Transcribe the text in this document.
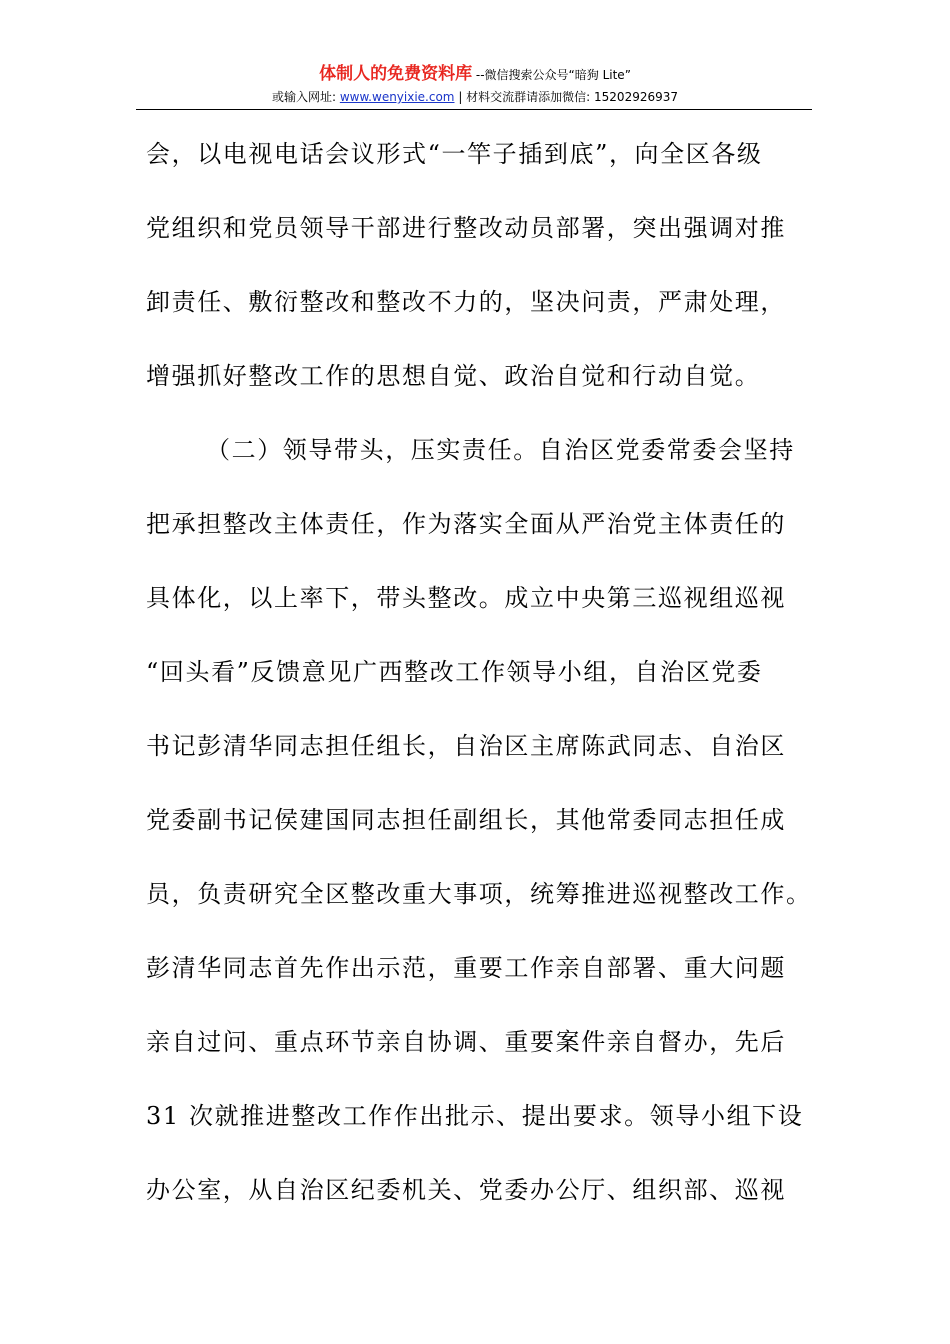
体制人的免费资料库 --微信搜索公众号“暗狗 Lite”
或输入网址: www.wenyixie.com | 材料交流群请添加微信: 15202926937
会，以电视电话会议形式“一竿子插到底”，向全区各级
党组织和党员领导干部进行整改动员部署，突出强调对推
卸责任、敷衍整改和整改不力的，坚决问责，严肃处理，
增强抓好整改工作的思想自觉、政治自觉和行动自觉。
（二）领导带头，压实责任。自治区党委常委会坚持
把承担整改主体责任，作为落实全面从严治党主体责任的
具体化，以上率下，带头整改。成立中央第三巡视组巡视
“回头看”反馈意见广西整改工作领导小组，自治区党委
书记彭清华同志担任组长，自治区主席陈武同志、自治区
党委副书记侯建国同志担任副组长，其他常委同志担任成
员，负责研究全区整改重大事项，统筹推进巡视整改工作。
彭清华同志首先作出示范，重要工作亲自部署、重大问题
亲自过问、重点环节亲自协调、重要案件亲自督办，先后
31 次就推进整改工作作出批示、提出要求。领导小组下设
办公室，从自治区纪委机关、党委办公厅、组织部、巡视
